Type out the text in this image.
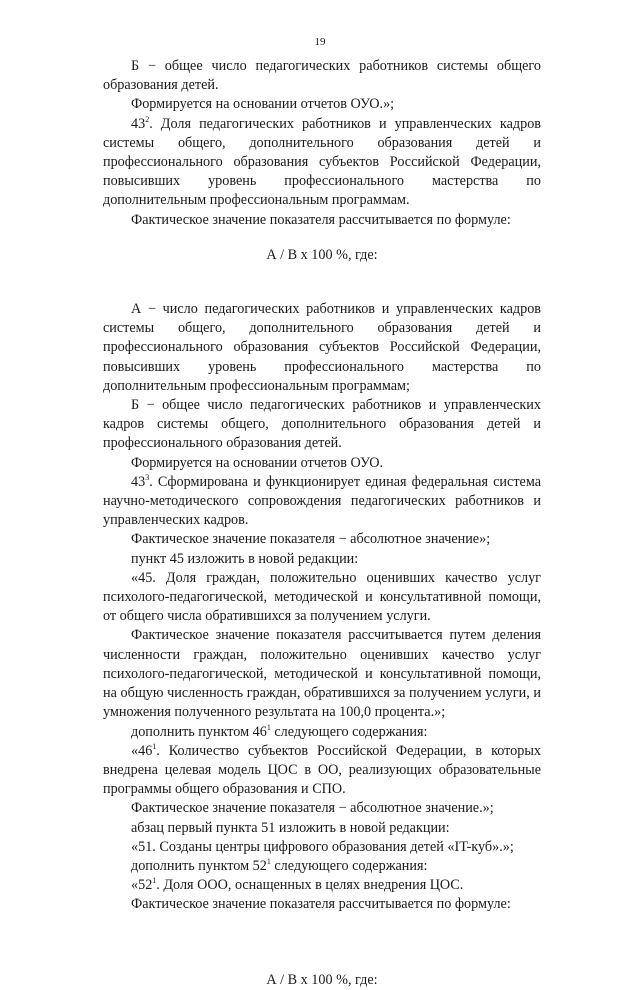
19

Б − общее число педагогических работников системы общего образования детей.

Формируется на основании отчетов ОУО.»;

$43^2$. Доля педагогических работников и управленческих кадров системы общего, дополнительного образования детей и профессионального образования субъектов Российской Федерации, повысивших уровень профессионального мастерства по дополнительным профессиональным программам.

Фактическое значение показателя рассчитывается по формуле:

А / В x 100 %, где:

А − число педагогических работников и управленческих кадров системы общего, дополнительного образования детей и профессионального образования субъектов Российской Федерации, повысивших уровень профессионального мастерства по дополнительным профессиональным программам;

Б − общее число педагогических работников и управленческих кадров системы общего, дополнительного образования детей и профессионального образования детей.

Формируется на основании отчетов ОУО.

$43^3$. Сформирована и функционирует единая федеральная система научно-методического сопровождения педагогических работников и управленческих кадров.

Фактическое значение показателя − абсолютное значение»;

пункт 45 изложить в новой редакции:

«45. Доля граждан, положительно оценивших качество услуг психолого-педагогической, методической и консультативной помощи, от общего числа обратившихся за получением услуги.

Фактическое значение показателя рассчитывается путем деления численности граждан, положительно оценивших качество услуг психолого-педагогической, методической и консультативной помощи, на общую численность граждан, обратившихся за получением услуги, и умножения полученного результата на 100,0 процента.»;

дополнить пунктом $46^1$ следующего содержания:

«$46^1$. Количество субъектов Российской Федерации, в которых внедрена целевая модель ЦОС в ОО, реализующих образовательные программы общего образования и СПО.

Фактическое значение показателя − абсолютное значение.»;

абзац первый пункта 51 изложить в новой редакции:

«51. Созданы центры цифрового образования детей «IT-куб».»;

дополнить пунктом $52^1$ следующего содержания:

«$52^1$. Доля ООО, оснащенных в целях внедрения ЦОС.

Фактическое значение показателя рассчитывается по формуле:

А / В x 100 %, где:
